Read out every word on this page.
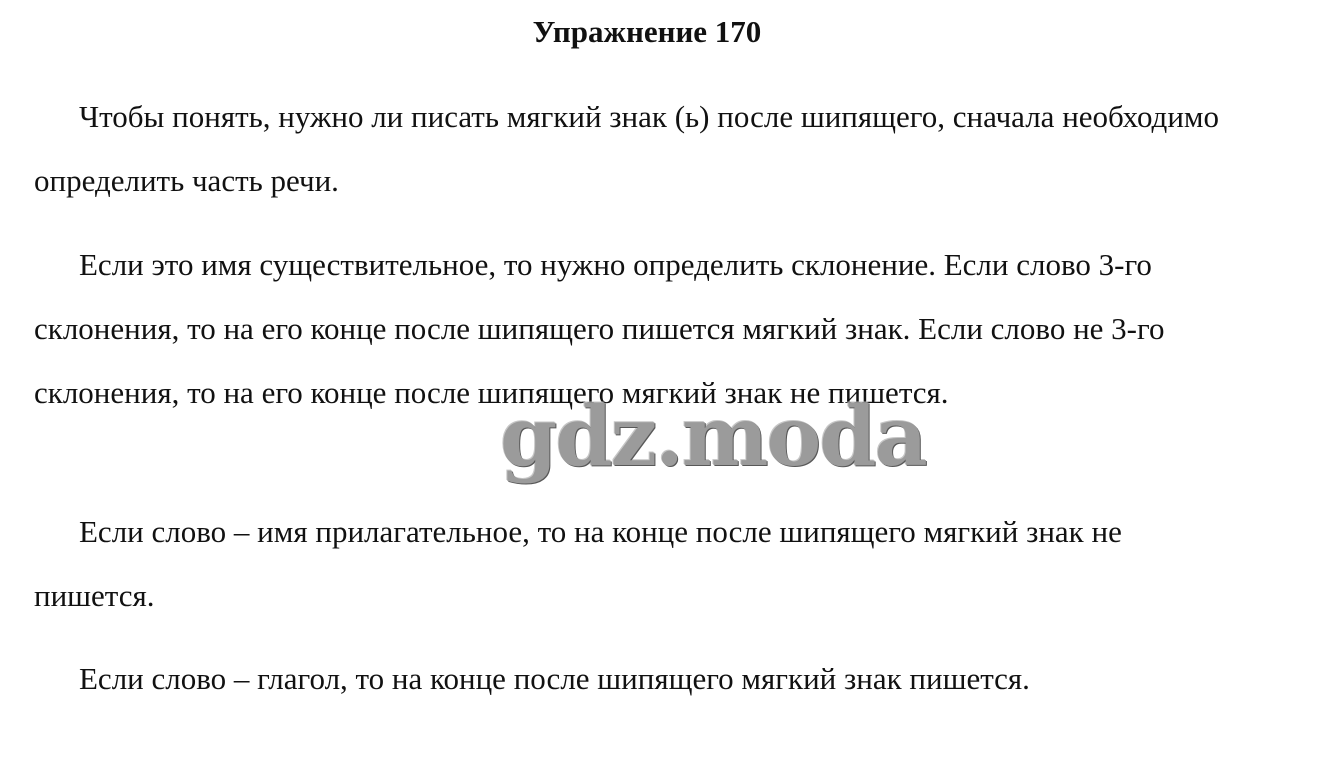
Упражнение 170

Чтобы понять, нужно ли писать мягкий знак (ь) после шипящего, сначала необходимо определить часть речи.

Если это имя существительное, то нужно определить склонение. Если слово 3-го склонения, то на его конце после шипящего пишется мягкий знак. Если слово не 3-го склонения, то на его конце после шипящего мягкий знак не пишется.

Если слово – имя прилагательное, то на конце после шипящего мягкий знак не пишется.

Если слово – глагол, то на конце после шипящего мягкий знак пишется.

gdz.moda
